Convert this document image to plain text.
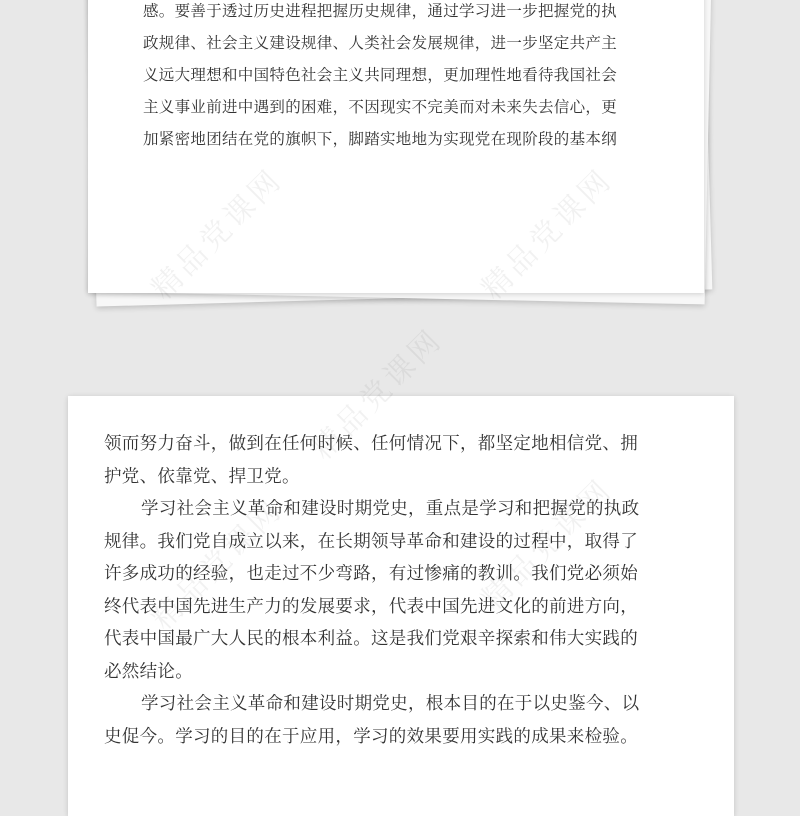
感。要善于透过历史进程把握历史规律，通过学习进一步把握党的执
政规律、社会主义建设规律、人类社会发展规律，进一步坚定共产主
义远大理想和中国特色社会主义共同理想，更加理性地看待我国社会
主义事业前进中遇到的困难，不因现实不完美而对未来失去信心，更
加紧密地团结在党的旗帜下，脚踏实地地为实现党在现阶段的基本纲
领而努力奋斗，做到在任何时候、任何情况下，都坚定地相信党、拥
护党、依靠党、捍卫党。
学习社会主义革命和建设时期党史，重点是学习和把握党的执政
规律。我们党自成立以来，在长期领导革命和建设的过程中，取得了
许多成功的经验，也走过不少弯路，有过惨痛的教训。我们党必须始
终代表中国先进生产力的发展要求，代表中国先进文化的前进方向，
代表中国最广大人民的根本利益。这是我们党艰辛探索和伟大实践的
必然结论。
学习社会主义革命和建设时期党史，根本目的在于以史鉴今、以
史促今。学习的目的在于应用，学习的效果要用实践的成果来检验。
精品党课网
